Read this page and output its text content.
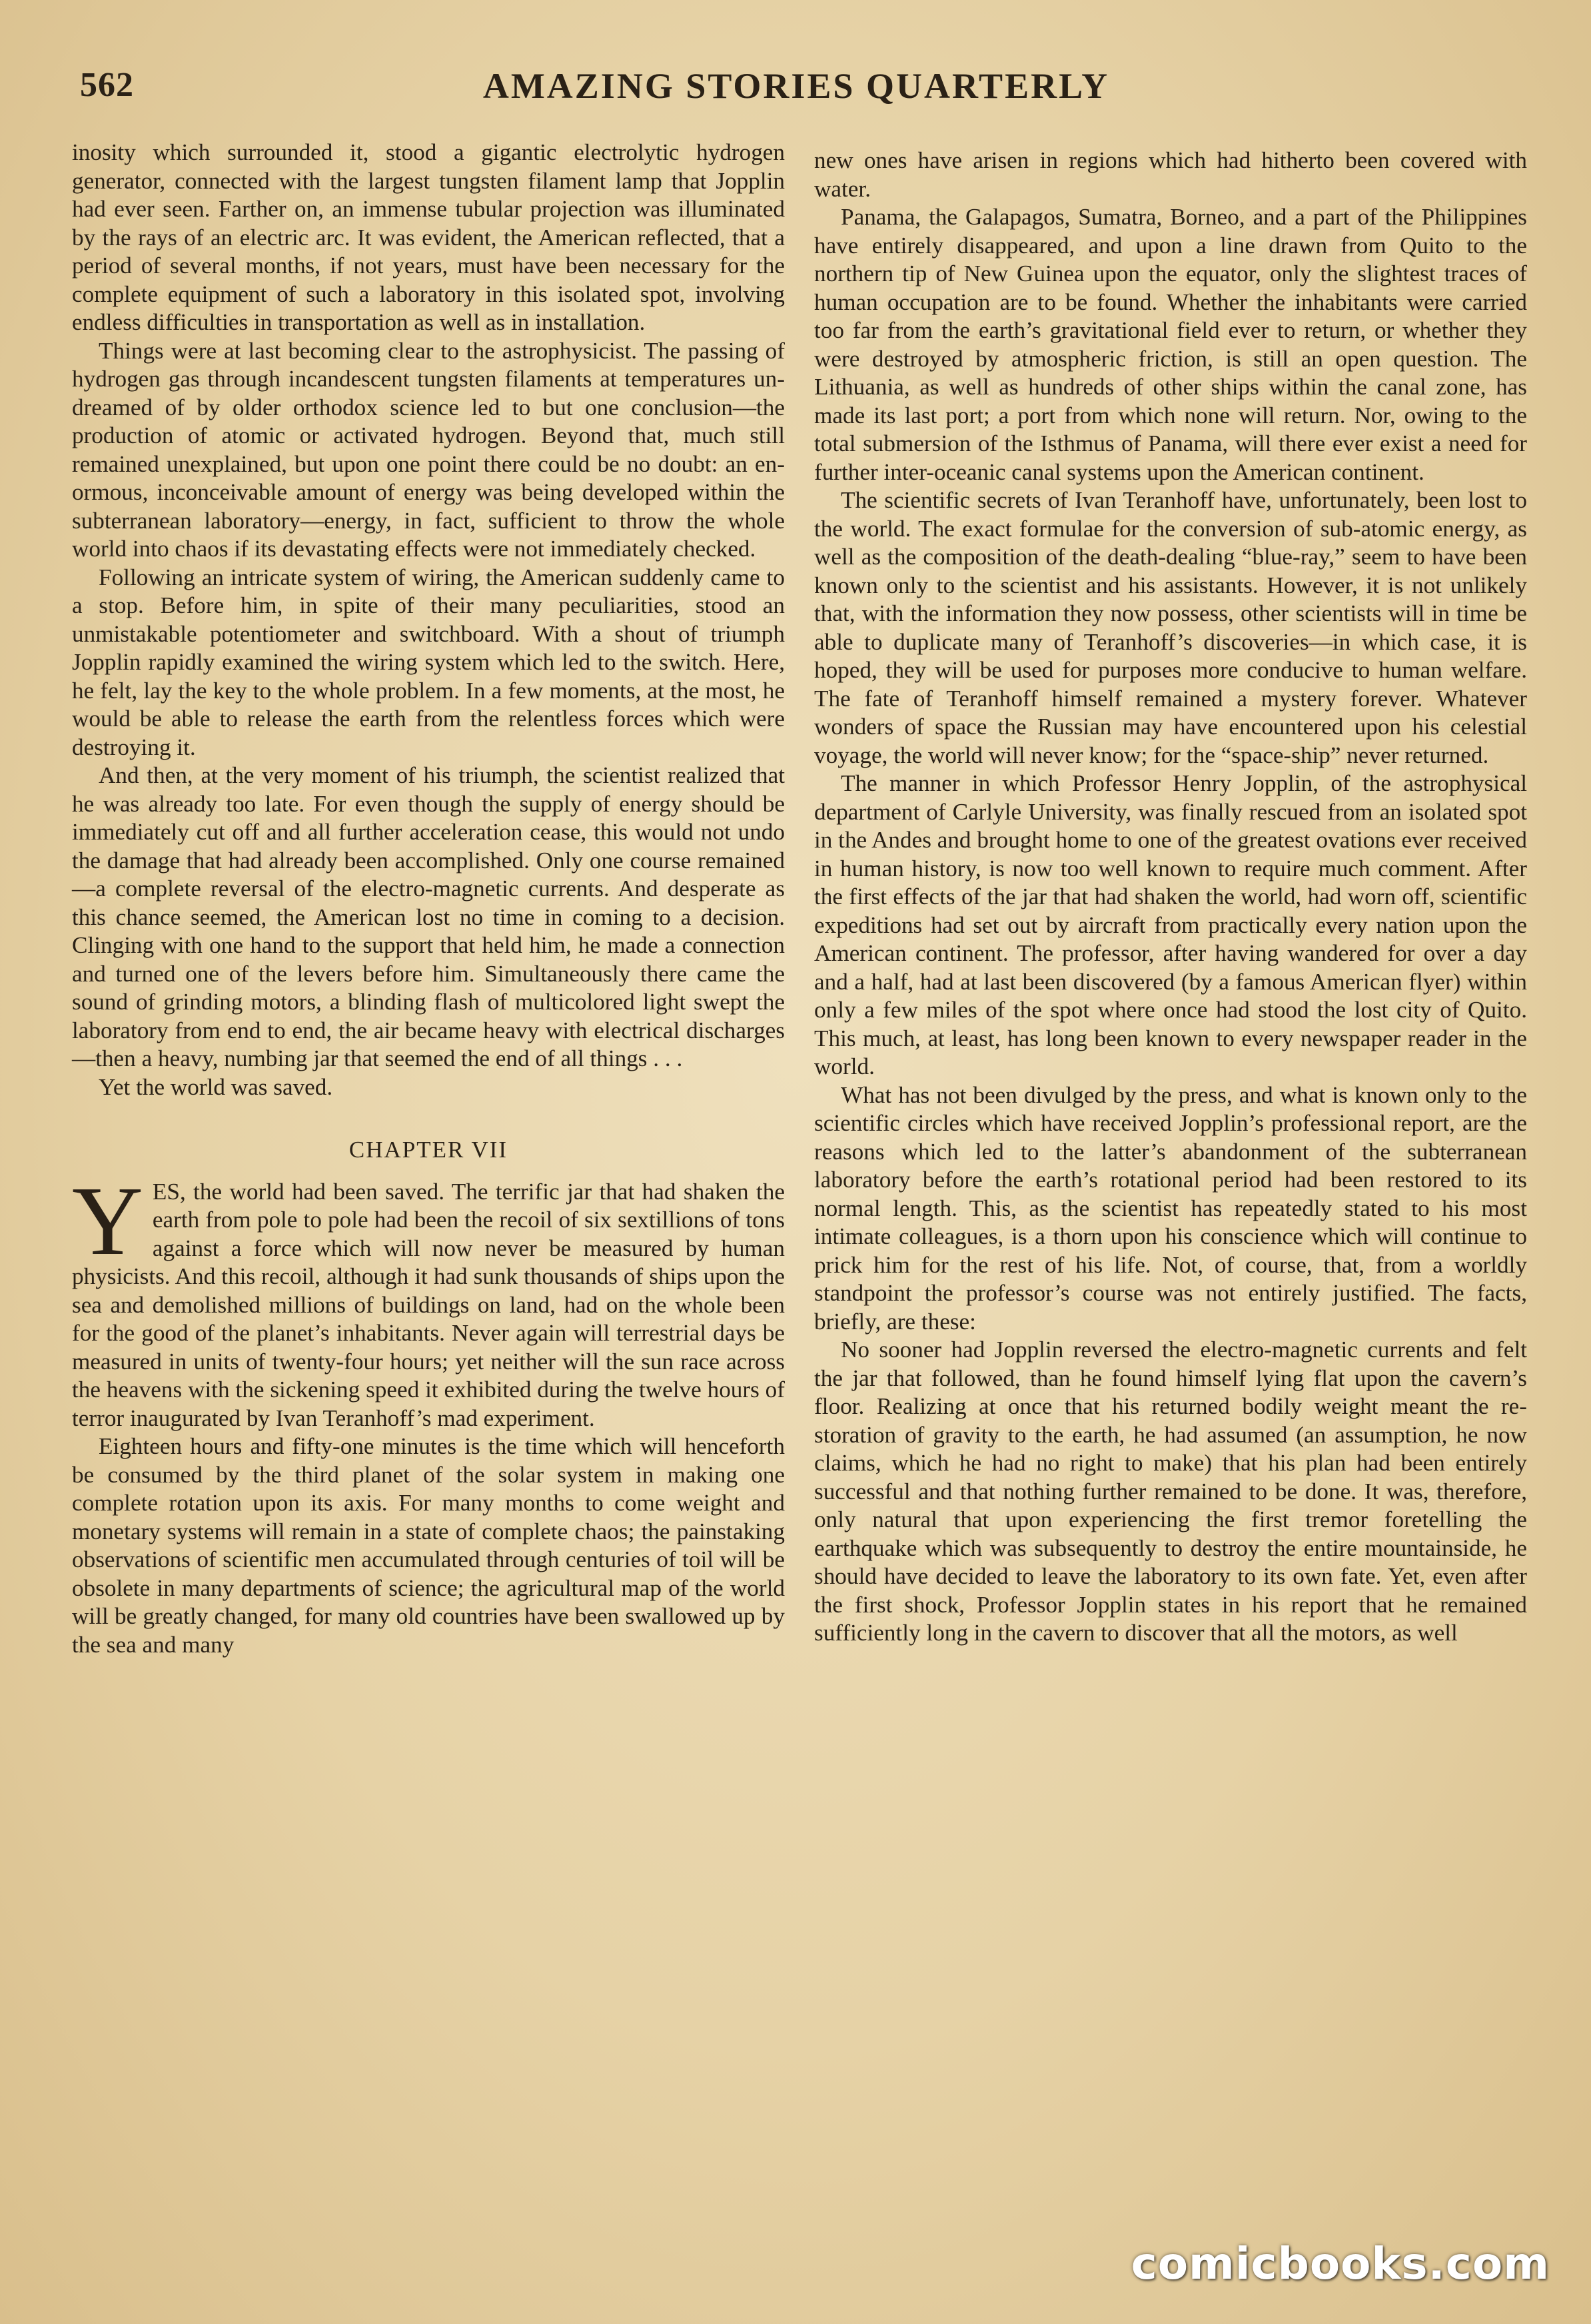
562	AMAZING STORIES QUARTERLY

inosity which surrounded it, stood a gigantic electrolytic hydrogen generator, connected with the largest tungsten filament lamp that Jopplin had ever seen. Farther on, an immense tubular projection was illuminated by the rays of an electric arc. It was evident, the American reflected, that a period of several months, if not years, must have been necessary for the complete equipment of such a laboratory in this isolated spot, involving endless difficulties in transportation as well as in installation.

Things were at last becoming clear to the astrophysicist. The passing of hydrogen gas through incandescent tungsten filaments at temperatures undreamed of by older orthodox science led to but one conclusion—the production of atomic or activated hydrogen. Beyond that, much still remained unexplained, but upon one point there could be no doubt: an enormous, inconceivable amount of energy was being developed within the subterranean laboratory—energy, in fact, sufficient to throw the whole world into chaos if its devastating effects were not immediately checked.

Following an intricate system of wiring, the American suddenly came to a stop. Before him, in spite of their many peculiarities, stood an unmistakable potentiometer and switchboard. With a shout of triumph Jopplin rapidly examined the wiring system which led to the switch. Here, he felt, lay the key to the whole problem. In a few moments, at the most, he would be able to release the earth from the relentless forces which were destroying it.

And then, at the very moment of his triumph, the scientist realized that he was already too late. For even though the supply of energy should be immediately cut off and all further acceleration cease, this would not undo the damage that had already been accomplished. Only one course remained—a complete reversal of the electro-magnetic currents. And desperate as this chance seemed, the American lost no time in coming to a decision. Clinging with one hand to the support that held him, he made a connection and turned one of the levers before him. Simultaneously there came the sound of grinding motors, a blinding flash of multicolored light swept the laboratory from end to end, the air became heavy with electrical discharges—then a heavy, numbing jar that seemed the end of all things . . .

Yet the world was saved.

CHAPTER VII

YES, the world had been saved. The terrific jar that had shaken the earth from pole to pole had been the recoil of six sextillions of tons against a force which will now never be measured by human physicists. And this recoil, although it had sunk thousands of ships upon the sea and demolished millions of buildings on land, had on the whole been for the good of the planet’s inhabitants. Never again will terrestrial days be measured in units of twenty-four hours; yet neither will the sun race across the heavens with the sickening speed it exhibited during the twelve hours of terror inaugurated by Ivan Teranhoff’s mad experiment.

Eighteen hours and fifty-one minutes is the time which will henceforth be consumed by the third planet of the solar system in making one complete rotation upon its axis. For many months to come weight and monetary systems will remain in a state of complete chaos; the painstaking observations of scientific men accumulated through centuries of toil will be obsolete in many departments of science; the agricultural map of the world will be greatly changed, for many old countries have been swallowed up by the sea and many

new ones have arisen in regions which had hitherto been covered with water.

Panama, the Galapagos, Sumatra, Borneo, and a part of the Philippines have entirely disappeared, and upon a line drawn from Quito to the northern tip of New Guinea upon the equator, only the slightest traces of human occupation are to be found. Whether the inhabitants were carried too far from the earth’s gravitational field ever to return, or whether they were destroyed by atmospheric friction, is still an open question. The Lithuania, as well as hundreds of other ships within the canal zone, has made its last port; a port from which none will return. Nor, owing to the total submersion of the Isthmus of Panama, will there ever exist a need for further inter-oceanic canal systems upon the American continent.

The scientific secrets of Ivan Teranhoff have, unfortunately, been lost to the world. The exact formulae for the conversion of sub-atomic energy, as well as the composition of the death-dealing “blue-ray,” seem to have been known only to the scientist and his assistants. However, it is not unlikely that, with the information they now possess, other scientists will in time be able to duplicate many of Teranhoff’s discoveries—in which case, it is hoped, they will be used for purposes more conducive to human welfare. The fate of Teranhoff himself remained a mystery forever. Whatever wonders of space the Russian may have encountered upon his celestial voyage, the world will never know; for the “space-ship” never returned.

The manner in which Professor Henry Jopplin, of the astrophysical department of Carlyle University, was finally rescued from an isolated spot in the Andes and brought home to one of the greatest ovations ever received in human history, is now too well known to require much comment. After the first effects of the jar that had shaken the world, had worn off, scientific expeditions had set out by aircraft from practically every nation upon the American continent. The professor, after having wandered for over a day and a half, had at last been discovered (by a famous American flyer) within only a few miles of the spot where once had stood the lost city of Quito. This much, at least, has long been known to every newspaper reader in the world.

What has not been divulged by the press, and what is known only to the scientific circles which have received Jopplin’s professional report, are the reasons which led to the latter’s abandonment of the subterranean laboratory before the earth’s rotational period had been restored to its normal length. This, as the scientist has repeatedly stated to his most intimate colleagues, is a thorn upon his conscience which will continue to prick him for the rest of his life. Not, of course, that, from a worldly standpoint the professor’s course was not entirely justified. The facts, briefly, are these:

No sooner had Jopplin reversed the electro-magnetic currents and felt the jar that followed, than he found himself lying flat upon the cavern’s floor. Realizing at once that his returned bodily weight meant the restoration of gravity to the earth, he had assumed (an assumption, he now claims, which he had no right to make) that his plan had been entirely successful and that nothing further remained to be done. It was, therefore, only natural that upon experiencing the first tremor foretelling the earthquake which was subsequently to destroy the entire mountainside, he should have decided to leave the laboratory to its own fate. Yet, even after the first shock, Professor Jopplin states in his report that he remained sufficiently long in the cavern to discover that all the motors, as well

comicbooks.com
